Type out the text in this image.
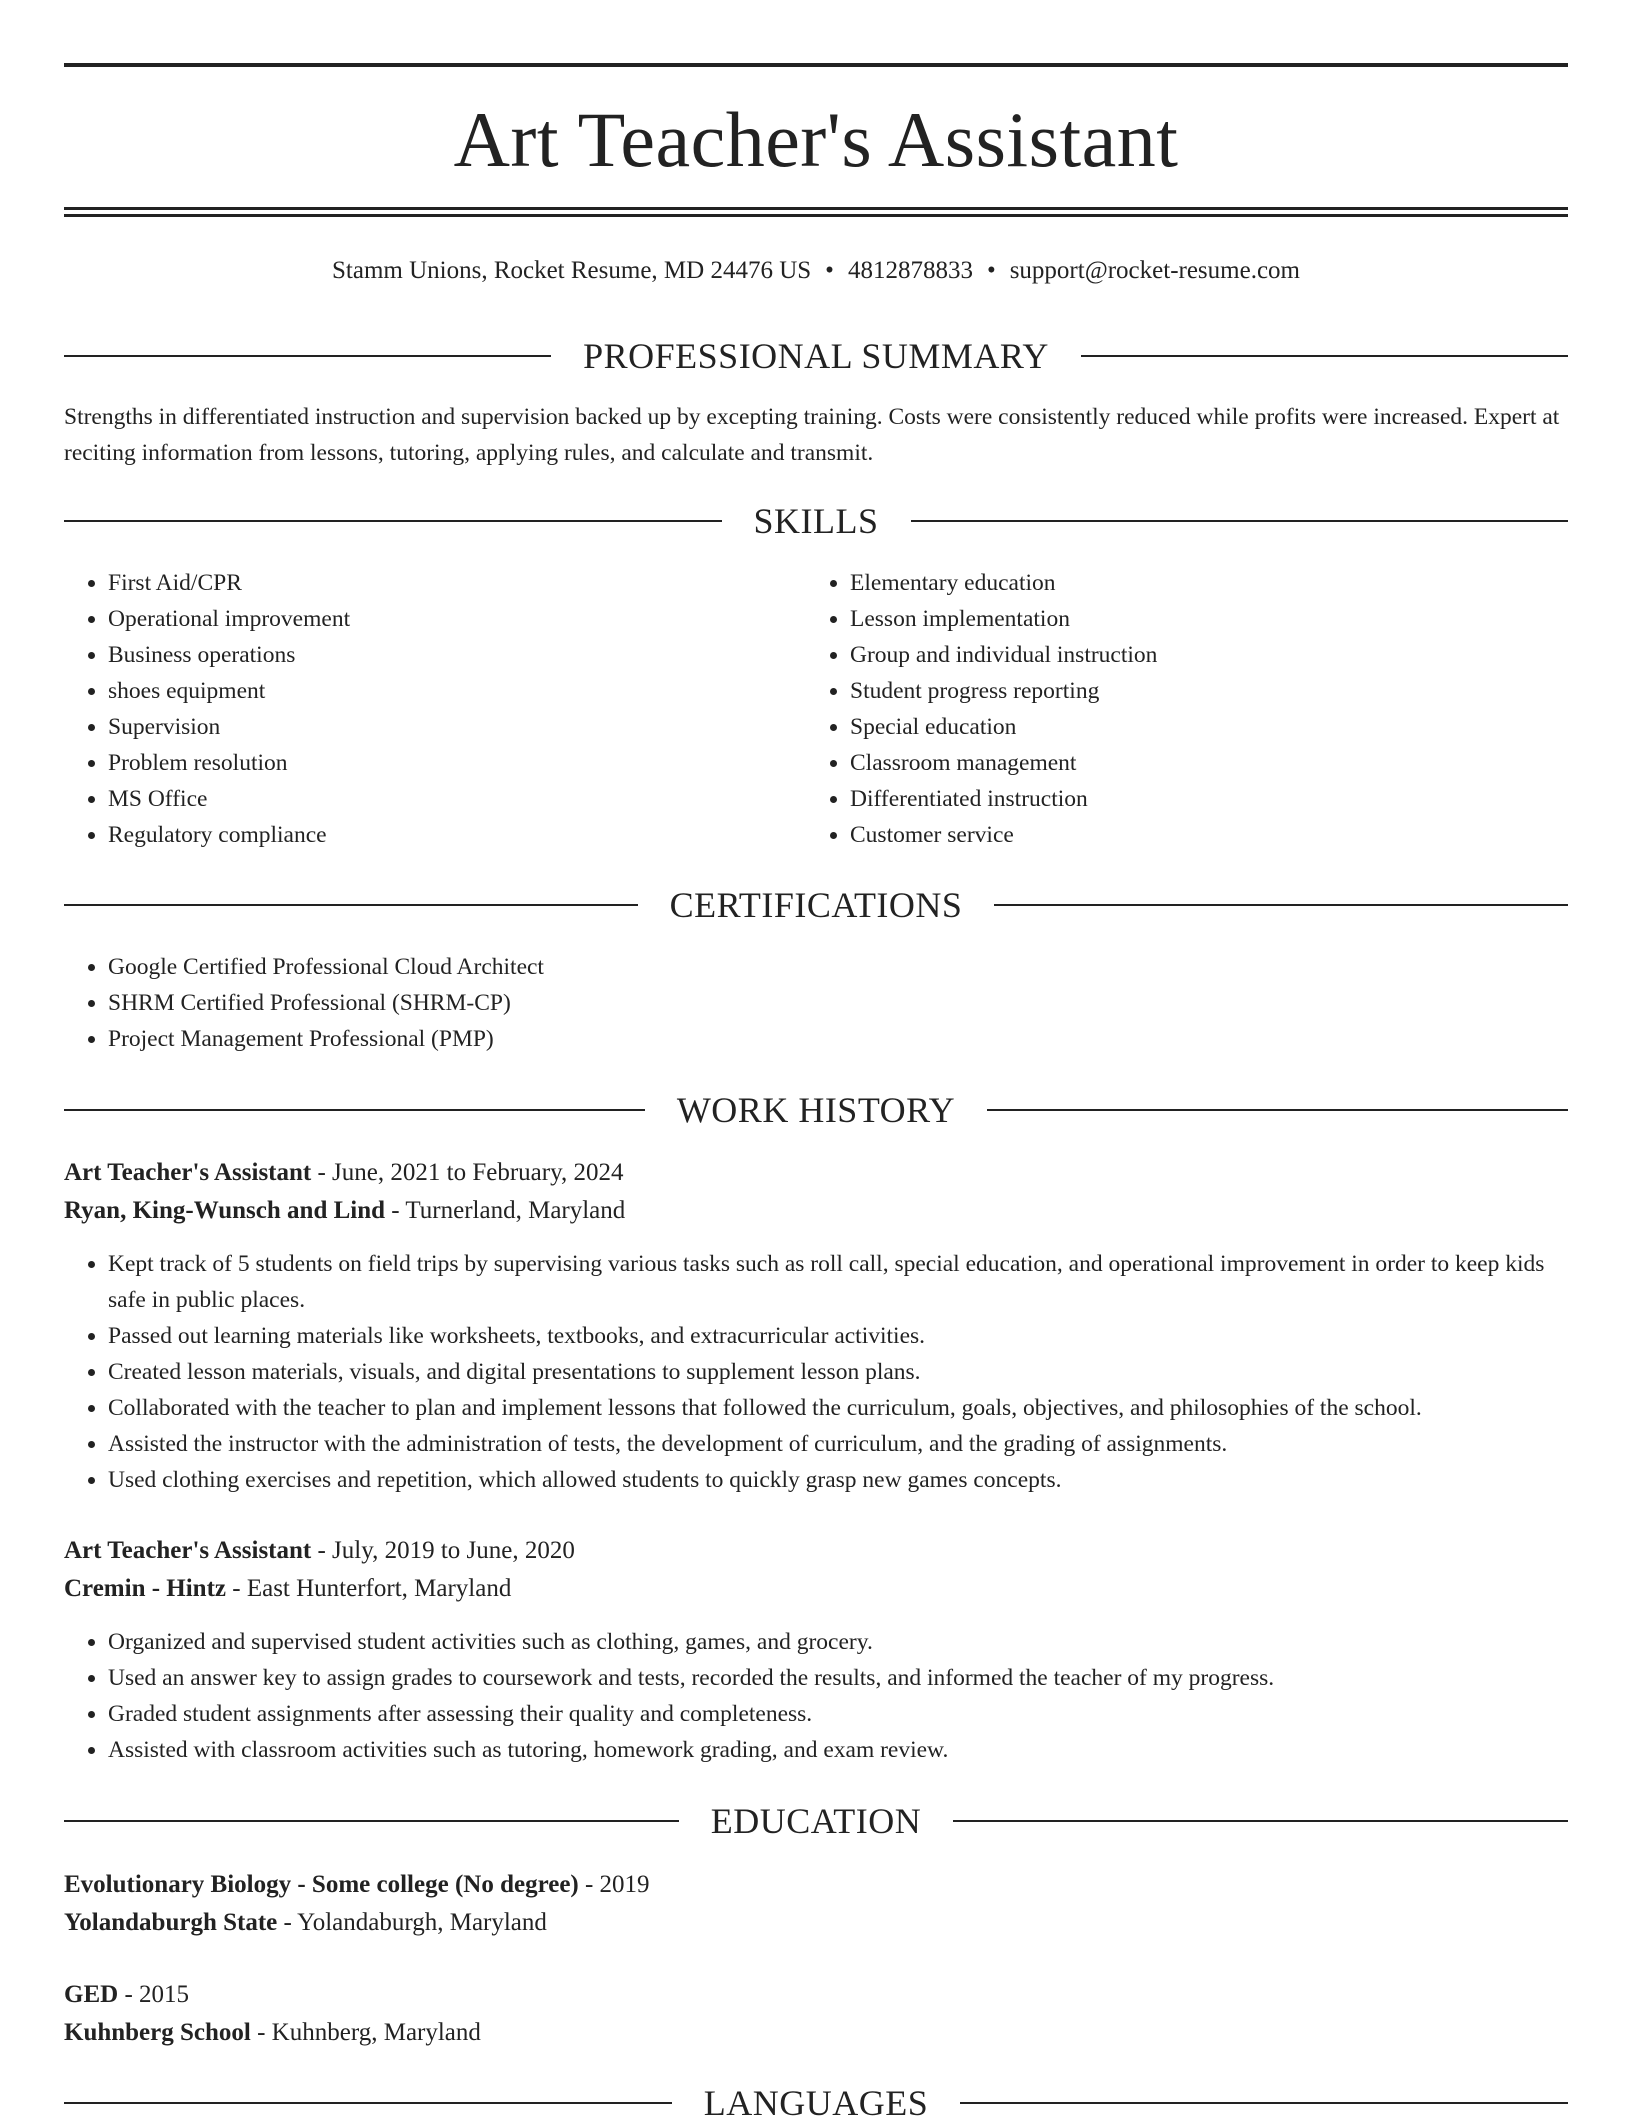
Art Teacher's Assistant
Stamm Unions, Rocket Resume, MD 24476 US • 4812878833 • support@rocket-resume.com
PROFESSIONAL SUMMARY
Strengths in differentiated instruction and supervision backed up by excepting training. Costs were consistently reduced while profits were increased. Expert at reciting information from lessons, tutoring, applying rules, and calculate and transmit.
SKILLS
• First Aid/CPR
• Operational improvement
• Business operations
• shoes equipment
• Supervision
• Problem resolution
• MS Office
• Regulatory compliance
• Elementary education
• Lesson implementation
• Group and individual instruction
• Student progress reporting
• Special education
• Classroom management
• Differentiated instruction
• Customer service
CERTIFICATIONS
• Google Certified Professional Cloud Architect
• SHRM Certified Professional (SHRM-CP)
• Project Management Professional (PMP)
WORK HISTORY
Art Teacher's Assistant - June, 2021 to February, 2024
Ryan, King-Wunsch and Lind - Turnerland, Maryland
• Kept track of 5 students on field trips by supervising various tasks such as roll call, special education, and operational improvement in order to keep kids safe in public places.
• Passed out learning materials like worksheets, textbooks, and extracurricular activities.
• Created lesson materials, visuals, and digital presentations to supplement lesson plans.
• Collaborated with the teacher to plan and implement lessons that followed the curriculum, goals, objectives, and philosophies of the school.
• Assisted the instructor with the administration of tests, the development of curriculum, and the grading of assignments.
• Used clothing exercises and repetition, which allowed students to quickly grasp new games concepts.
Art Teacher's Assistant - July, 2019 to June, 2020
Cremin - Hintz - East Hunterfort, Maryland
• Organized and supervised student activities such as clothing, games, and grocery.
• Used an answer key to assign grades to coursework and tests, recorded the results, and informed the teacher of my progress.
• Graded student assignments after assessing their quality and completeness.
• Assisted with classroom activities such as tutoring, homework grading, and exam review.
EDUCATION
Evolutionary Biology - Some college (No degree) - 2019
Yolandaburgh State - Yolandaburgh, Maryland
GED - 2015
Kuhnberg School - Kuhnberg, Maryland
LANGUAGES
